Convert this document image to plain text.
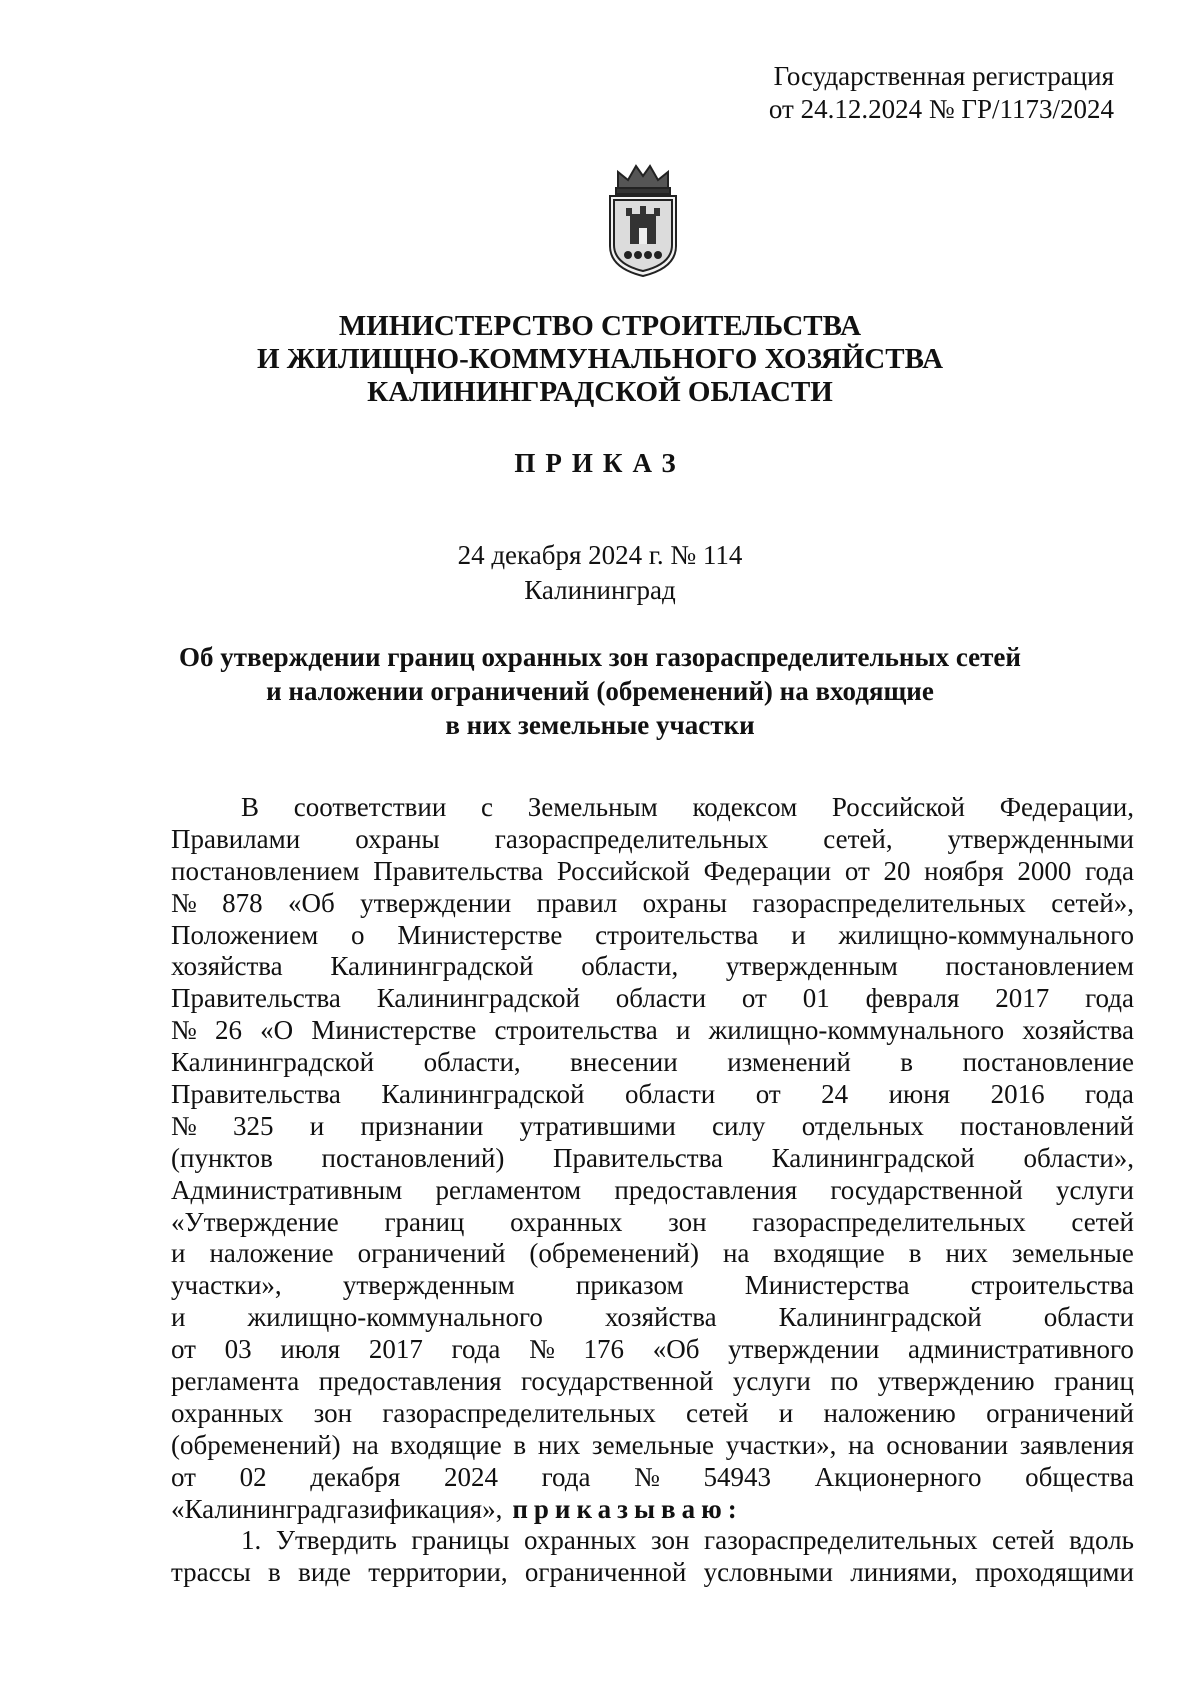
Государственная регистрация
от 24.12.2024 № ГР/1173/2024
МИНИСТЕРСТВО СТРОИТЕЛЬСТВА
И ЖИЛИЩНО-КОММУНАЛЬНОГО ХОЗЯЙСТВА
КАЛИНИНГРАДСКОЙ ОБЛАСТИ
ПРИКАЗ
24 декабря 2024 г. № 114
Калининград
Об утверждении границ охранных зон газораспределительных сетей
и наложении ограничений (обременений) на входящие
в них земельные участки
В соответствии с Земельным кодексом Российской Федерации,
Правилами охраны газораспределительных сетей, утвержденными
постановлением Правительства Российской Федерации от 20 ноября 2000 года
№ 878 «Об утверждении правил охраны газораспределительных сетей»,
Положением о Министерстве строительства и жилищно-коммунального
хозяйства Калининградской области, утвержденным постановлением
Правительства Калининградской области от 01 февраля 2017 года
№ 26 «О Министерстве строительства и жилищно-коммунального хозяйства
Калининградской области, внесении изменений в постановление
Правительства Калининградской области от 24 июня 2016 года
№ 325 и признании утратившими силу отдельных постановлений
(пунктов постановлений) Правительства Калининградской области»,
Административным регламентом предоставления государственной услуги
«Утверждение границ охранных зон газораспределительных сетей
и наложение ограничений (обременений) на входящие в них земельные
участки», утвержденным приказом Министерства строительства
и жилищно-коммунального хозяйства Калининградской области
от 03 июля 2017 года № 176 «Об утверждении административного
регламента предоставления государственной услуги по утверждению границ
охранных зон газораспределительных сетей и наложению ограничений
(обременений) на входящие в них земельные участки», на основании заявления
от 02 декабря 2024 года № 54943 Акционерного общества
«Калининградгазификация», приказываю:
1. Утвердить границы охранных зон газораспределительных сетей вдоль
трассы в виде территории, ограниченной условными линиями, проходящими
